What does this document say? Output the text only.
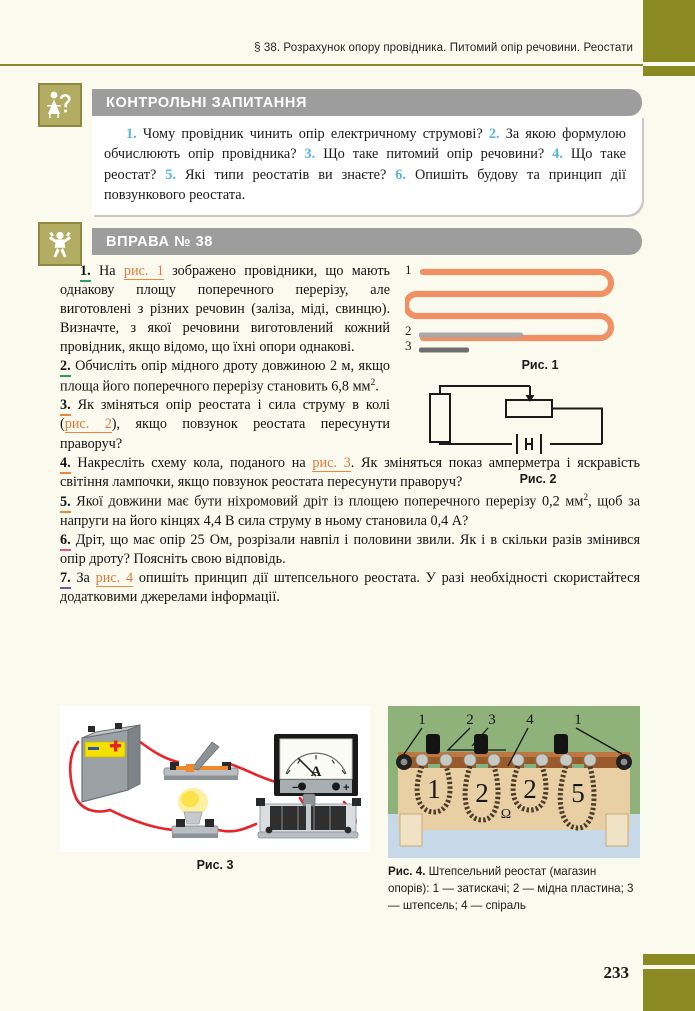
§ 38. Розрахунок опору провідника. Питомий опір речовини. Реостати
КОНТРОЛЬНІ ЗАПИТАННЯ
1. Чому провідник чинить опір електричному струмові? 2. За якою формулою обчислюють опір провідника? 3. Що таке питомий опір речовини? 4. Що таке реостат? 5. Які типи реостатів ви знаєте? 6. Опишіть будову та принцип дії повзункового реостата.
ВПРАВА № 38

1. На рис. 1 зображено провідники, що мають однакову площу поперечного перерізу, але виготовлені з різних речовин (заліза, міді, свинцю). Визначте, з якої речовини виготовлений кожний провідник, якщо відомо, що їхні опори однакові.

2. Обчисліть опір мідного дроту довжиною 2 м, якщо площа його поперечного перерізу становить 6,8 $мм^2$.

3. Як зміняться опір реостата і сила струму в колі (рис. 2), якщо повзунок реостата пересунути праворуч?

4. Накресліть схему кола, поданого на рис. 3. Як зміняться показ амперметра і яскравість світіння лампочки, якщо повзунок реостата пересунути праворуч?

5. Якої довжини має бути ніхромовий дріт із площею поперечного перерізу 0,2 $мм^2$, щоб за напруги на його кінцях 4,4 В сила струму в ньому становила 0,4 А?

6. Дріт, що має опір 25 Ом, розрізали навпіл і половини звили. Як і в скільки разів змінився опір дроту? Поясніть свою відповідь.

7. За рис. 4 опишіть принцип дії штепсельного реостата. У разі необхідності скористайтеся додатковими джерелами інформації.

1
2
3
Рис. 1
Рис. 2
A
−	+
Рис. 3
1 2 2 5
Ω
1	2 3 4	1
Рис. 4. Штепсельний реостат (магазин опорів): 1 — затискачі; 2 — мідна пластина; 3 — штепсель; 4 — спіраль
233
